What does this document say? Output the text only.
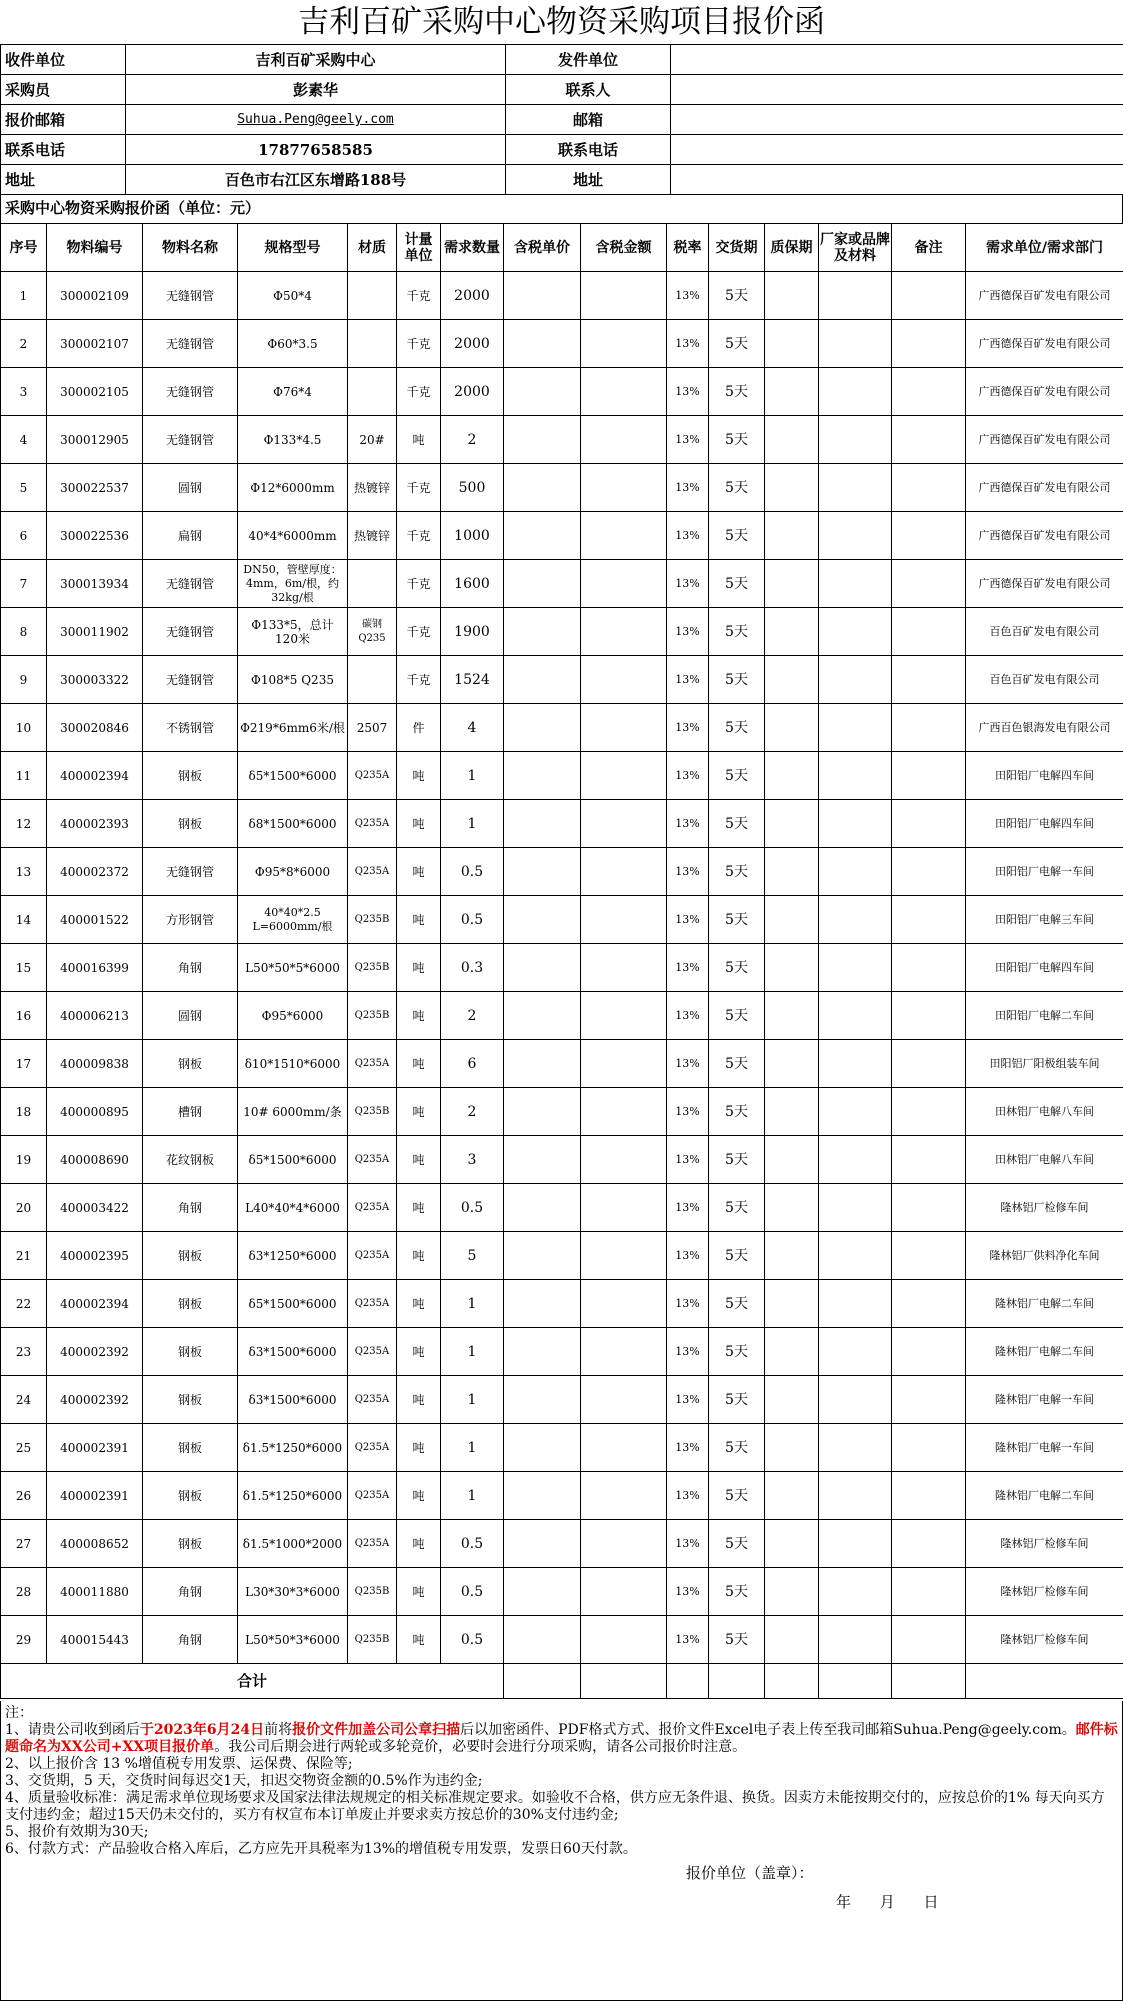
吉利百矿采购中心物资采购项目报价函
收件单位	吉利百矿采购中心	发件单位	
采购员	彭素华	联系人	
报价邮箱	Suhua.Peng@geely.com	邮箱	
联系电话	17877658585	联系电话	
地址	百色市右江区东增路188号	地址	
采购中心物资采购报价函（单位：元）
序号	物料编号	物料名称	规格型号	材质	计量单位	需求数量	含税单价	含税金额	税率	交货期	质保期	厂家或品牌及材料	备注	需求单位/需求部门
1	300002109	无缝钢管	Φ50*4		千克	2000			13%	5天				广西德保百矿发电有限公司
2	300002107	无缝钢管	Φ60*3.5		千克	2000			13%	5天				广西德保百矿发电有限公司
3	300002105	无缝钢管	Φ76*4		千克	2000			13%	5天				广西德保百矿发电有限公司
4	300012905	无缝钢管	Φ133*4.5	20#	吨	2			13%	5天				广西德保百矿发电有限公司
5	300022537	圆钢	Φ12*6000mm	热镀锌	千克	500			13%	5天				广西德保百矿发电有限公司
6	300022536	扁钢	40*4*6000mm	热镀锌	千克	1000			13%	5天				广西德保百矿发电有限公司
7	300013934	无缝钢管	DN50，管壁厚度：4mm，6m/根，约32kg/根		千克	1600			13%	5天				广西德保百矿发电有限公司
8	300011902	无缝钢管	Φ133*5，总计120米	碳钢Q235	千克	1900			13%	5天				百色百矿发电有限公司
9	300003322	无缝钢管	Φ108*5 Q235		千克	1524			13%	5天				百色百矿发电有限公司
10	300020846	不锈钢管	Φ219*6mm6米/根	2507	件	4			13%	5天				广西百色银海发电有限公司
11	400002394	钢板	δ5*1500*6000	Q235A	吨	1			13%	5天				田阳铝厂电解四车间
12	400002393	钢板	δ8*1500*6000	Q235A	吨	1			13%	5天				田阳铝厂电解四车间
13	400002372	无缝钢管	Φ95*8*6000	Q235A	吨	0.5			13%	5天				田阳铝厂电解一车间
14	400001522	方形钢管	40*40*2.5 L=6000mm/根	Q235B	吨	0.5			13%	5天				田阳铝厂电解三车间
15	400016399	角钢	L50*50*5*6000	Q235B	吨	0.3			13%	5天				田阳铝厂电解四车间
16	400006213	圆钢	Φ95*6000	Q235B	吨	2			13%	5天				田阳铝厂电解二车间
17	400009838	钢板	δ10*1510*6000	Q235A	吨	6			13%	5天				田阳铝厂阳极组装车间
18	400000895	槽钢	10# 6000mm/条	Q235B	吨	2			13%	5天				田林铝厂电解八车间
19	400008690	花纹钢板	δ5*1500*6000	Q235A	吨	3			13%	5天				田林铝厂电解八车间
20	400003422	角钢	L40*40*4*6000	Q235A	吨	0.5			13%	5天				隆林铝厂检修车间
21	400002395	钢板	δ3*1250*6000	Q235A	吨	5			13%	5天				隆林铝厂供料净化车间
22	400002394	钢板	δ5*1500*6000	Q235A	吨	1			13%	5天				隆林铝厂电解二车间
23	400002392	钢板	δ3*1500*6000	Q235A	吨	1			13%	5天				隆林铝厂电解二车间
24	400002392	钢板	δ3*1500*6000	Q235A	吨	1			13%	5天				隆林铝厂电解一车间
25	400002391	钢板	δ1.5*1250*6000	Q235A	吨	1			13%	5天				隆林铝厂电解一车间
26	400002391	钢板	δ1.5*1250*6000	Q235A	吨	1			13%	5天				隆林铝厂电解二车间
27	400008652	钢板	δ1.5*1000*2000	Q235A	吨	0.5			13%	5天				隆林铝厂检修车间
28	400011880	角钢	L30*30*3*6000	Q235B	吨	0.5			13%	5天				隆林铝厂检修车间
29	400015443	角钢	L50*50*3*6000	Q235B	吨	0.5			13%	5天				隆林铝厂检修车间
合计														

注：

1、请贵公司收到函后于2023年6月24日前将报价文件加盖公司公章扫描后以加密函件、PDF格式方式、报价文件Excel电子表上传至我司邮箱Suhua.Peng@geely.com。邮件标题命名为XX公司+XX项目报价单。我公司后期会进行两轮或多轮竞价，必要时会进行分项采购，请各公司报价时注意。

2、以上报价含 13 %增值税专用发票、运保费、保险等;

3、交货期，5 天，交货时间每迟交1天，扣迟交物资金额的0.5%作为违约金;

4、质量验收标准：满足需求单位现场要求及国家法律法规规定的相关标准规定要求。如验收不合格，供方应无条件退、换货。因卖方未能按期交付的，应按总价的1% 每天向买方支付违约金；超过15天仍未交付的，买方有权宣布本订单废止并要求卖方按总价的30%支付违约金;

5、报价有效期为30天;

6、付款方式：产品验收合格入库后，乙方应先开具税率为13%的增值税专用发票，发票日60天付款。

报价单位（盖章）：
年 月 日
